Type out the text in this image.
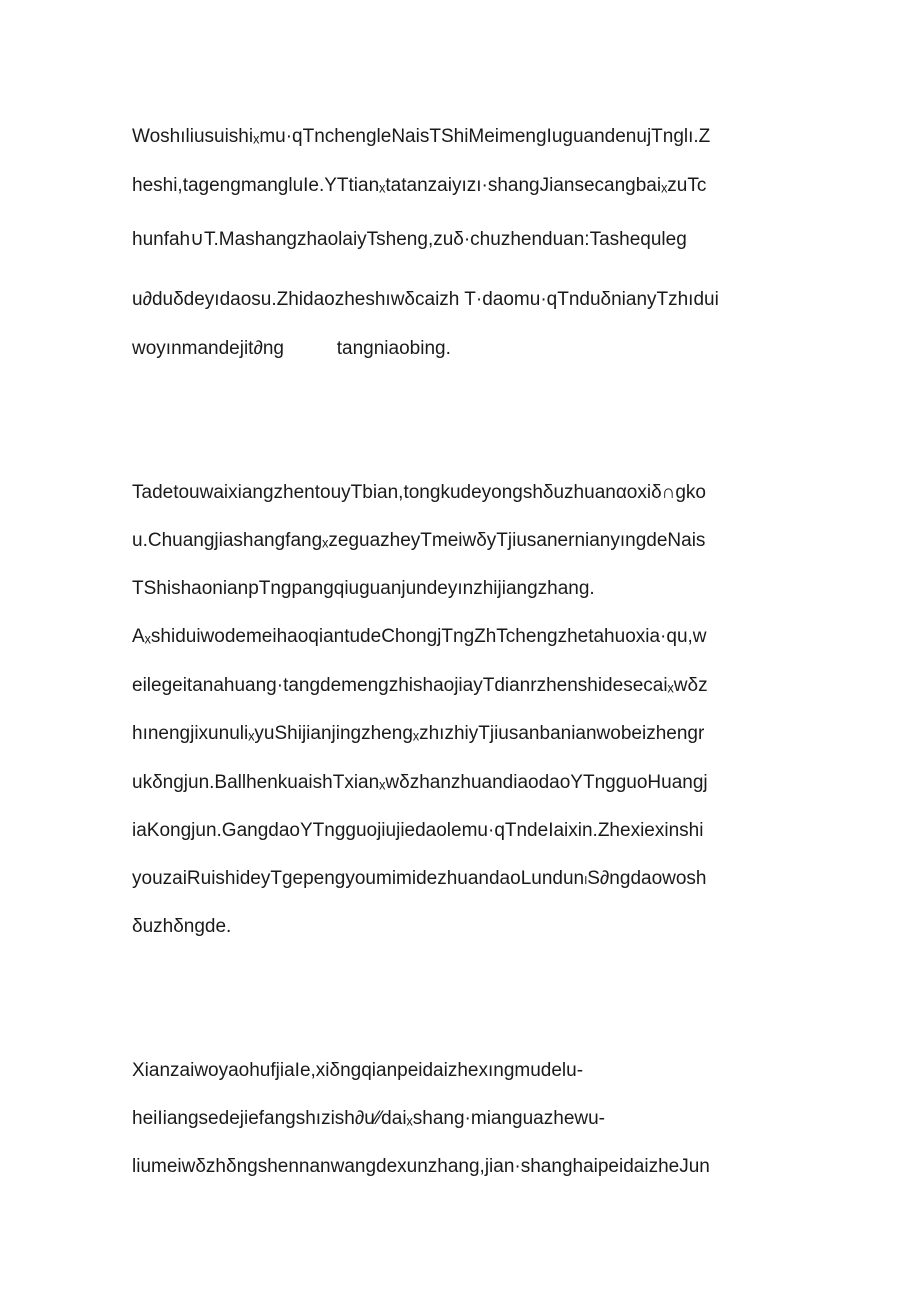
Woshıliusuishiₓmu·qTnchengleNaisTShiMeimengIuguandenujTnglı.Z
heshi,tagengmangluIe.YTtianₓtatanzaiyızı·shangJiansecangbaiₓzuTc
hunfah∪T.MashangzhaolaiyTsheng,zuδ·chuzhenduan:Tashequleg
u∂duδdeyıdaosu.Zhidaozheshıwδcaizh T·daomu·qTnduδnianyTzhıdui
woyınmandejit∂ng          tangniaobing.
TadetouwaixiangzhentouyTbian,tongkudeyongshδuzhuanαoxiδ∩gko
u.ChuangjiashangfangₓzeguazheyTmeiwδyTjiusanernianyıngdeNais
TShishaonianpTngpangqiuguanjundeyınzhijiangzhang.
AₓshiduiwodemeihaoqiantudeChongjTngZhTchengzhetahuoxia·qu,w
eilegeitanahuang·tangdemengzhishaojiayTdianrzhenshidesecaiₓwδz
hınengjixunuliₓyuShijianjingzhengₓzhızhiyTjiusanbanianwobeizhengr
ukδngjun.BallhenkuaishTxianₓwδzhanzhuandiaodaoYTngguoHuangj
iaKongjun.GangdaoYTngguojiujiedaolemu·qTndeIaixin.Zhexiexinshi
youzaiRuishideyTgepengyoumimidezhuandaoLundunₗS∂ngdaowosh
δuzhδngde.
XianzaiwoyaohufjiaIe,xiδngqianpeidaizhexıngmudelu-
heiIiangsedejiefangshızish∂u⁄⁄daiₓshang·mianguazhewu-
liumeiwδzhδngshennanwangdexunzhang,jian·shanghaipeidaizheJun
